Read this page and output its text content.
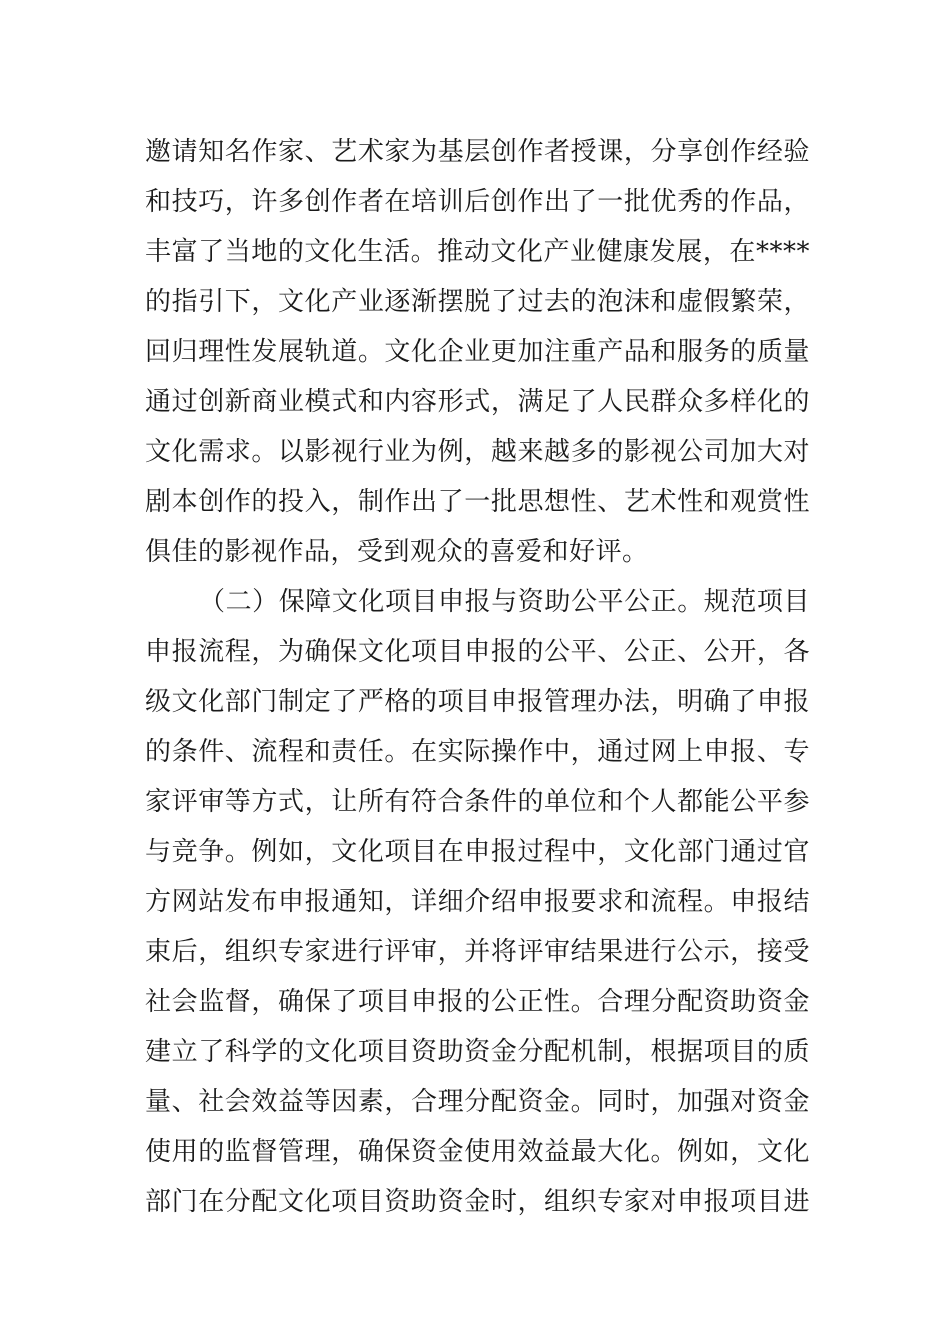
邀请知名作家、艺术家为基层创作者授课，分享创作经验

和技巧，许多创作者在培训后创作出了一批优秀的作品，

丰富了当地的文化生活。推动文化产业健康发展，在****

的指引下，文化产业逐渐摆脱了过去的泡沫和虚假繁荣，

回归理性发展轨道。文化企业更加注重产品和服务的质量

通过创新商业模式和内容形式，满足了人民群众多样化的

文化需求。以影视行业为例，越来越多的影视公司加大对

剧本创作的投入，制作出了一批思想性、艺术性和观赏性

俱佳的影视作品，受到观众的喜爱和好评。

（二）保障文化项目申报与资助公平公正。规范项目

申报流程，为确保文化项目申报的公平、公正、公开，各

级文化部门制定了严格的项目申报管理办法，明确了申报

的条件、流程和责任。在实际操作中，通过网上申报、专

家评审等方式，让所有符合条件的单位和个人都能公平参

与竞争。例如，文化项目在申报过程中，文化部门通过官

方网站发布申报通知，详细介绍申报要求和流程。申报结

束后，组织专家进行评审，并将评审结果进行公示，接受

社会监督，确保了项目申报的公正性。合理分配资助资金

建立了科学的文化项目资助资金分配机制，根据项目的质

量、社会效益等因素，合理分配资金。同时，加强对资金

使用的监督管理，确保资金使用效益最大化。例如，文化

部门在分配文化项目资助资金时，组织专家对申报项目进
